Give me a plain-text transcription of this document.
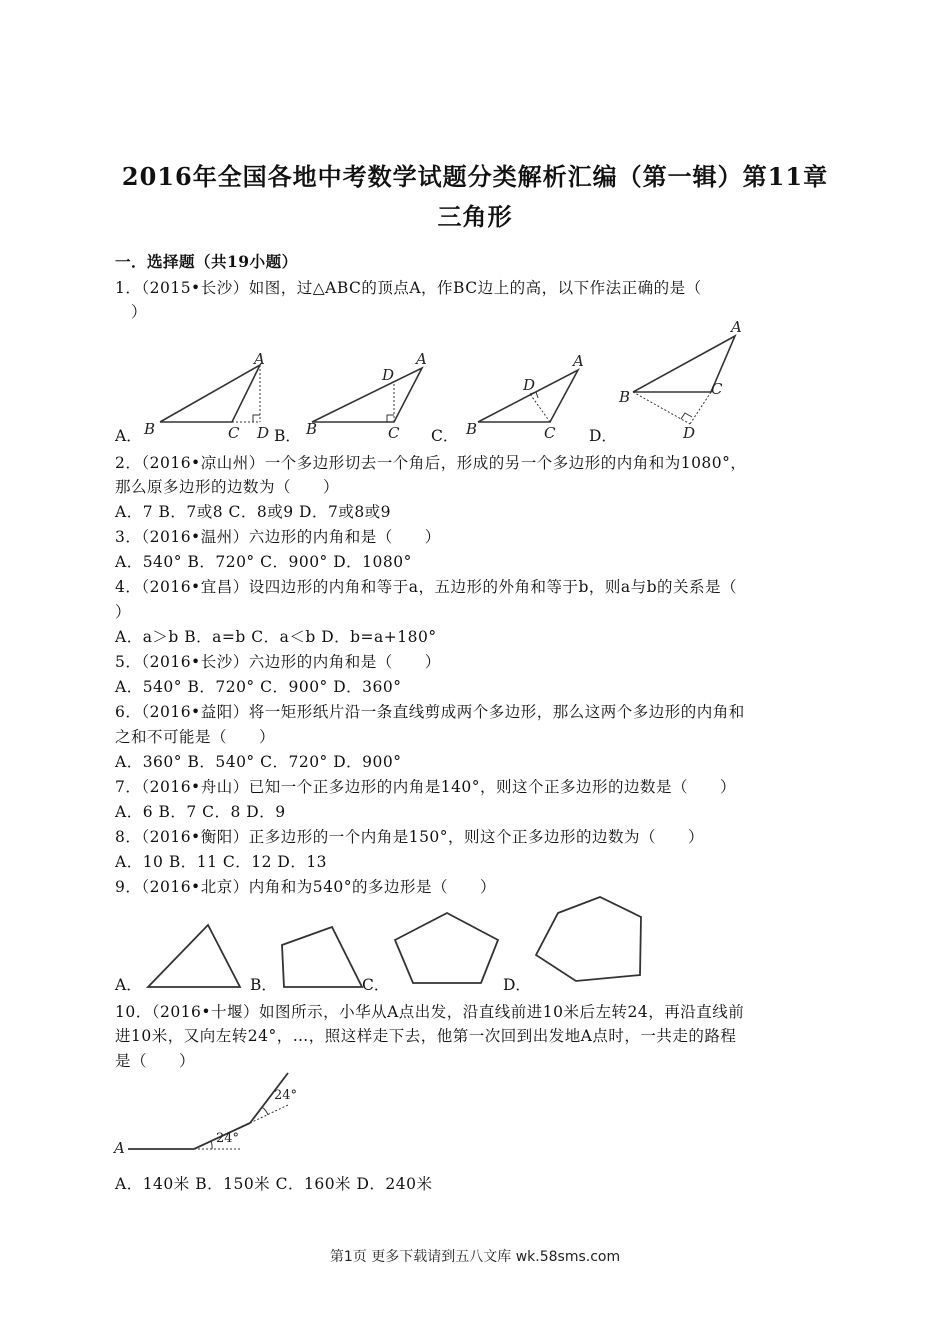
2016年全国各地中考数学试题分类解析汇编（第一辑）第11章
三角形
一．选择题（共19小题）
1．（2015•长沙）如图，过△ABC的顶点A，作BC边上的高，以下作法正确的是（
　）
A． B	C D
A
B． B	C
D
A
C． B	C
D
A
D．
B	C
D
A
2．（2016•凉山州）一个多边形切去一个角后，形成的另一个多边形的内角和为1080°，
那么原多边形的边数为（　　）
A．7 B．7或8 C．8或9 D．7或8或9
3．（2016•温州）六边形的内角和是（　　）
A．540° B．720° C．900° D．1080°
4．（2016•宜昌）设四边形的内角和等于a，五边形的外角和等于b，则a与b的关系是（
）
A．a＞b B．a=b C．a＜b D．b=a+180°
5．（2016•长沙）六边形的内角和是（　　）
A．540° B．720° C．900° D．360°
6．（2016•益阳）将一矩形纸片沿一条直线剪成两个多边形，那么这两个多边形的内角和
之和不可能是（　　）
A．360° B．540° C．720° D．900°
7．（2016•舟山）已知一个正多边形的内角是140°，则这个正多边形的边数是（　　）
A．6 B．7 C．8 D．9
8．（2016•衡阳）正多边形的一个内角是150°，则这个正多边形的边数为（　　）
A．10 B．11 C．12 D．13
9．（2016•北京）内角和为540°的多边形是（　　）
A．	B．	C．	D．
10．（2016•十堰）如图所示，小华从A点出发，沿直线前进10米后左转24，再沿直线前
进10米，又向左转24°，…，照这样走下去，他第一次回到出发地A点时，一共走的路程
是（　　）
A
24°
24°
A．140米 B．150米 C．160米 D．240米
第1页 更多下载请到五八文库 wk.58sms.com
